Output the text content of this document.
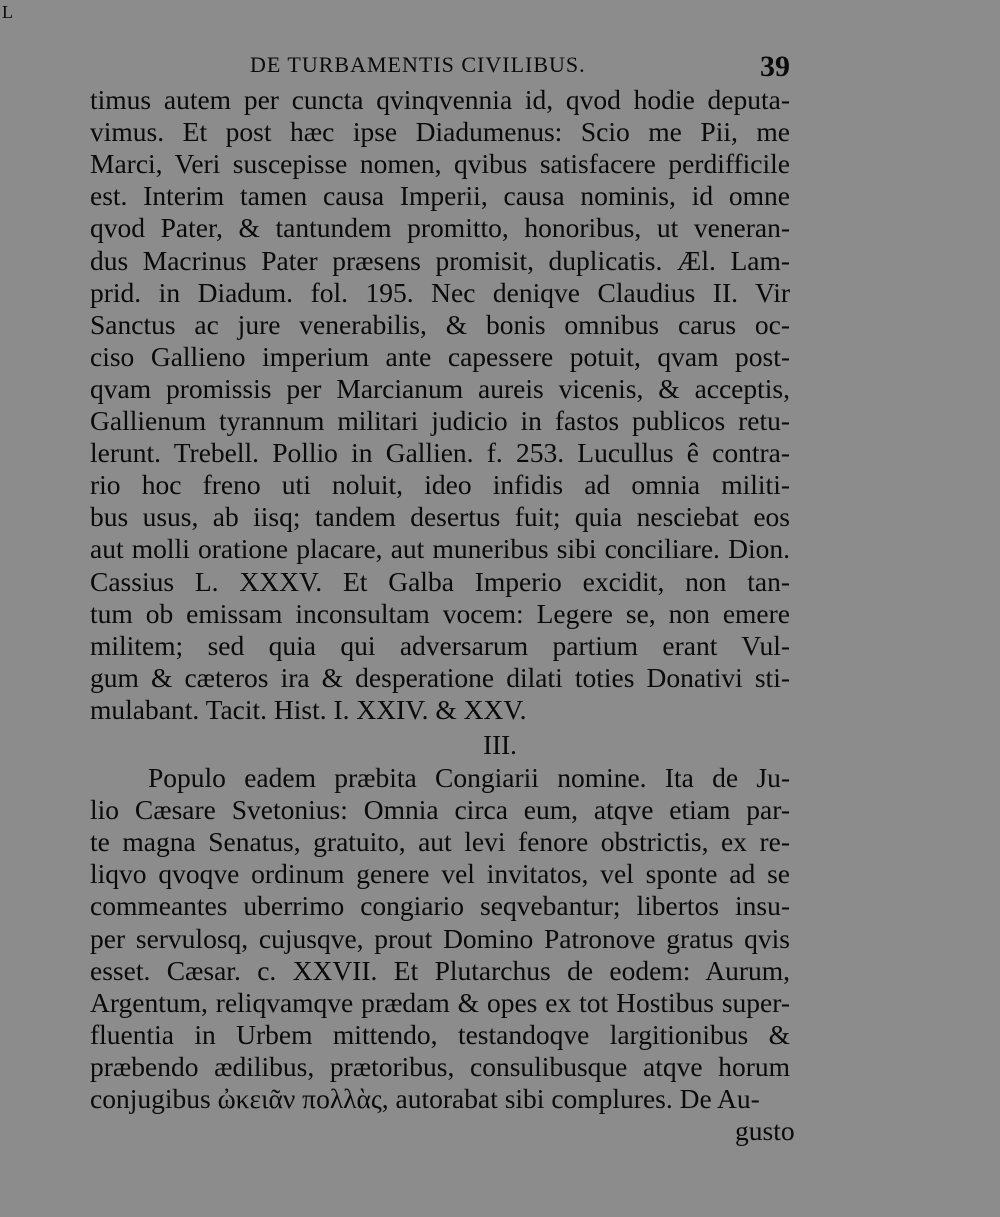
L
DE TURBAMENTIS CIVILIBUS.	39
timus autem per cuncta qvinqvennia id, qvod hodie deputa-
vimus. Et post hæc ipse Diadumenus: Scio me Pii, me
Marci, Veri suscepisse nomen, qvibus satisfacere perdifficile
est. Interim tamen causa Imperii, causa nominis, id omne
qvod Pater, & tantundem promitto, honoribus, ut veneran-
dus Macrinus Pater præsens promisit, duplicatis. Æl. Lam-
prid. in Diadum. fol. 195. Nec deniqve Claudius II. Vir
Sanctus ac jure venerabilis, & bonis omnibus carus oc-
ciso Gallieno imperium ante capessere potuit, qvam post-
qvam promissis per Marcianum aureis vicenis, & acceptis,
Gallienum tyrannum militari judicio in fastos publicos retu-
lerunt. Trebell. Pollio in Gallien. f. 253. Lucullus ê contra-
rio hoc freno uti noluit, ideo infidis ad omnia militi-
bus usus, ab iisq; tandem desertus fuit; quia nesciebat eos
aut molli oratione placare, aut muneribus sibi conciliare. Dion.
Cassius L. XXXV. Et Galba Imperio excidit, non tan-
tum ob emissam inconsultam vocem: Legere se, non emere
militem; sed quia qui adversarum partium erant Vul-
gum & cæteros ira & desperatione dilati toties Donativi sti-
mulabant. Tacit. Hist. I. XXIV. & XXV.
III.
Populo eadem præbita Congiarii nomine. Ita de Ju-
lio Cæsare Svetonius: Omnia circa eum, atqve etiam par-
te magna Senatus, gratuito, aut levi fenore obstrictis, ex re-
liqvo qvoqve ordinum genere vel invitatos, vel sponte ad se
commeantes uberrimo congiario seqvebantur; libertos insu-
per servulosq, cujusqve, prout Domino Patronove gratus qvis
esset. Cæsar. c. XXVII. Et Plutarchus de eodem: Aurum,
Argentum, reliqvamqve prædam & opes ex tot Hostibus super-
fluentia in Urbem mittendo, testandoqve largitionibus &
præbendo ædilibus, prætoribus, consulibusque atqve horum
conjugibus ὠκειᾶν πολλὰς, autorabat sibi complures. De Au-
gusto
